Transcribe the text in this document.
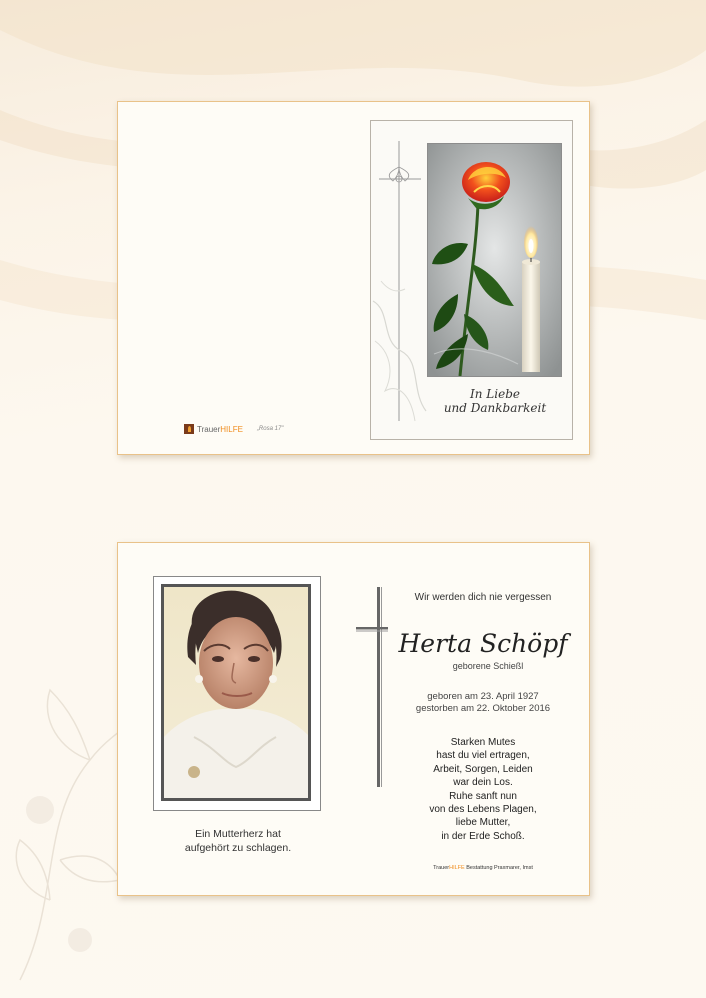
Trauer HILFE „Rosa 17"
In Liebe
und Dankbarkeit
Ein Mutterherz hat
aufgehört zu schlagen.
Wir werden dich nie vergessen
Herta Schöpf
geborene Schießl
geboren am 23. April 1927
gestorben am 22. Oktober 2016
Starken Mutes
hast du viel ertragen,
Arbeit, Sorgen, Leiden
war dein Los.
Ruhe sanft nun
von des Lebens Plagen,
liebe Mutter,
in der Erde Schoß.
TrauerHILFE Bestattung Praxmarer, Imst
